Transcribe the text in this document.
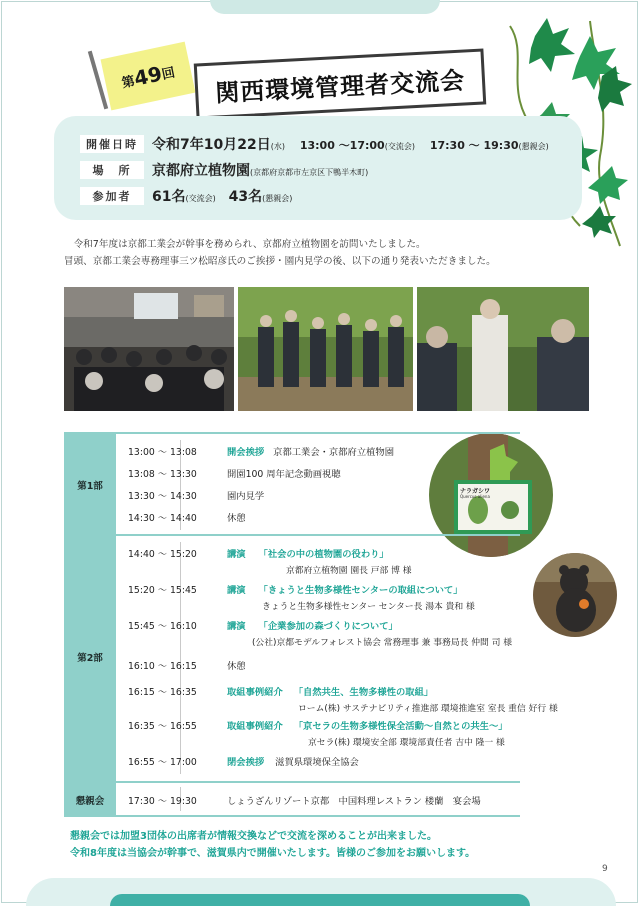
第
49
回 関西環境管理者交流会
開催日時	令和7年10月22日(水) 13:00 ～17:00(交流会) 17:30 ～ 19:30(懇親会)
場　所	京都府立植物園(京都府京都市左京区下鴨半木町)
参加者	61名(交流会) 43名(懇親会)
令和7年度は京都工業会が幹事を務められ、京都府立植物園を訪問いたしました。
冒頭、京都工業会専務理事三ツ松昭彦氏のご挨拶・園内見学の後、以下の通り発表いただきました。
ナラガシワ
Quercus aliena
第1部
第2部
懇親会
13:00 ～ 13:08	開会挨拶 京都工業会・京都府立植物園
13:08 ～ 13:30	開園100 周年記念動画視聴
13:30 ～ 14:30	園内見学
14:30 ～ 14:40	休憩
14:40 ～ 15:20	講演 「社会の中の植物園の役わり」
京都府立植物園 園長 戸部 博 様
15:20 ～ 15:45	講演 「きょうと生物多様性センターの取組について」
きょうと生物多様性センター センター長 湯本 貴和 様
15:45 ～ 16:10	講演 「企業参加の森づくりについて」
(公社)京都モデルフォレスト協会 常務理事 兼 事務局長 仲間 司 様
16:10 ～ 16:15	休憩
16:15 ～ 16:35	取組事例紹介 「自然共生、生物多様性の取組」
ローム(株) サステナビリティ推進部 環境推進室 室長 重信 好行 様
16:35 ～ 16:55	取組事例紹介 「京セラの生物多様性保全活動～自然との共生～」
京セラ(株) 環境安全部 環境部責任者 吉中 隆一 様
16:55 ～ 17:00	閉会挨拶 滋賀県環境保全協会
17:30 ～ 19:30	しょうざんリゾート京都　中国料理レストラン 楼蘭　宴会場
懇親会では加盟3団体の出席者が情報交換などで交流を深めることが出来ました。
令和8年度は当協会が幹事で、滋賀県内で開催いたします。皆様のご参加をお願いします。
9
